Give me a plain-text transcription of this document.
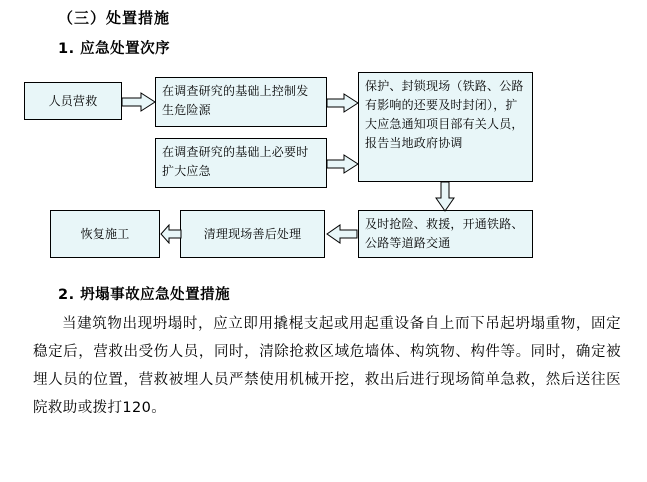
（三）处置措施
1. 应急处置次序
人员营救
在调查研究的基础上控制发生危险源
在调查研究的基础上必要时扩大应急
保护、封锁现场（铁路、公路有影响的还要及时封闭），扩大应急通知项目部有关人员，报告当地政府协调
及时抢险、救援，开通铁路、公路等道路交通
清理现场善后处理
恢复施工
2. 坍塌事故应急处置措施
当建筑物出现坍塌时，应立即用撬棍支起或用起重设备自上而下吊起坍塌重物，固定稳定后，营救出受伤人员，同时，清除抢救区域危墙体、构筑物、构件等。同时，确定被埋人员的位置，营救被埋人员严禁使用机械开挖，救出后进行现场简单急救，然后送往医院救助或拨打120。
